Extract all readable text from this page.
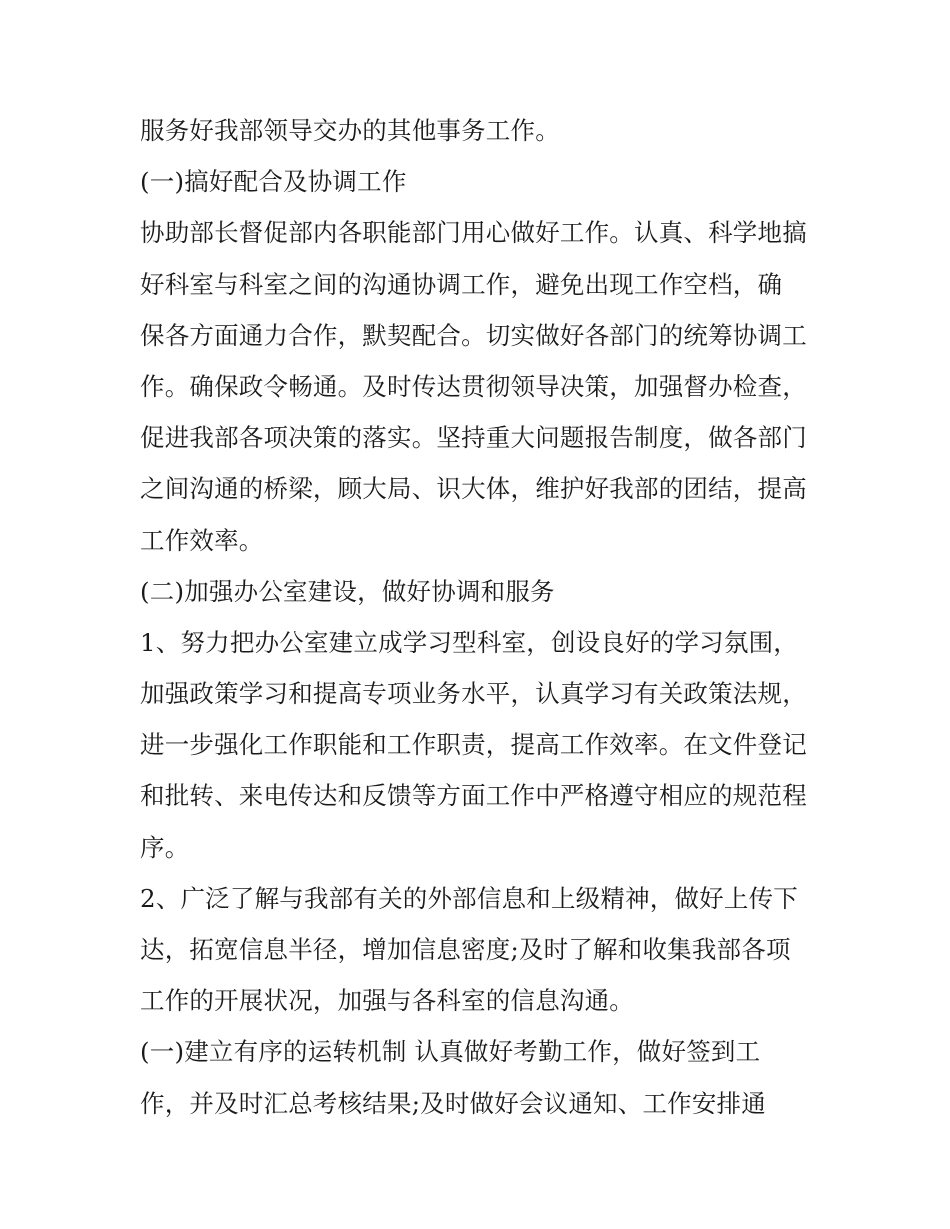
服务好我部领导交办的其他事务工作。
(一)搞好配合及协调工作
协助部长督促部内各职能部门用心做好工作。认真、科学地搞
好科室与科室之间的沟通协调工作，避免出现工作空档，确
保各方面通力合作，默契配合。切实做好各部门的统筹协调工
作。确保政令畅通。及时传达贯彻领导决策，加强督办检查，
促进我部各项决策的落实。坚持重大问题报告制度，做各部门
之间沟通的桥梁，顾大局、识大体，维护好我部的团结，提高
工作效率。
(二)加强办公室建设，做好协调和服务
1、努力把办公室建立成学习型科室，创设良好的学习氛围，
加强政策学习和提高专项业务水平，认真学习有关政策法规，
进一步强化工作职能和工作职责，提高工作效率。在文件登记
和批转、来电传达和反馈等方面工作中严格遵守相应的规范程
序。
2、广泛了解与我部有关的外部信息和上级精神，做好上传下
达，拓宽信息半径，增加信息密度;及时了解和收集我部各项
工作的开展状况，加强与各科室的信息沟通。
(一)建立有序的运转机制 认真做好考勤工作，做好签到工
作，并及时汇总考核结果;及时做好会议通知、工作安排通
